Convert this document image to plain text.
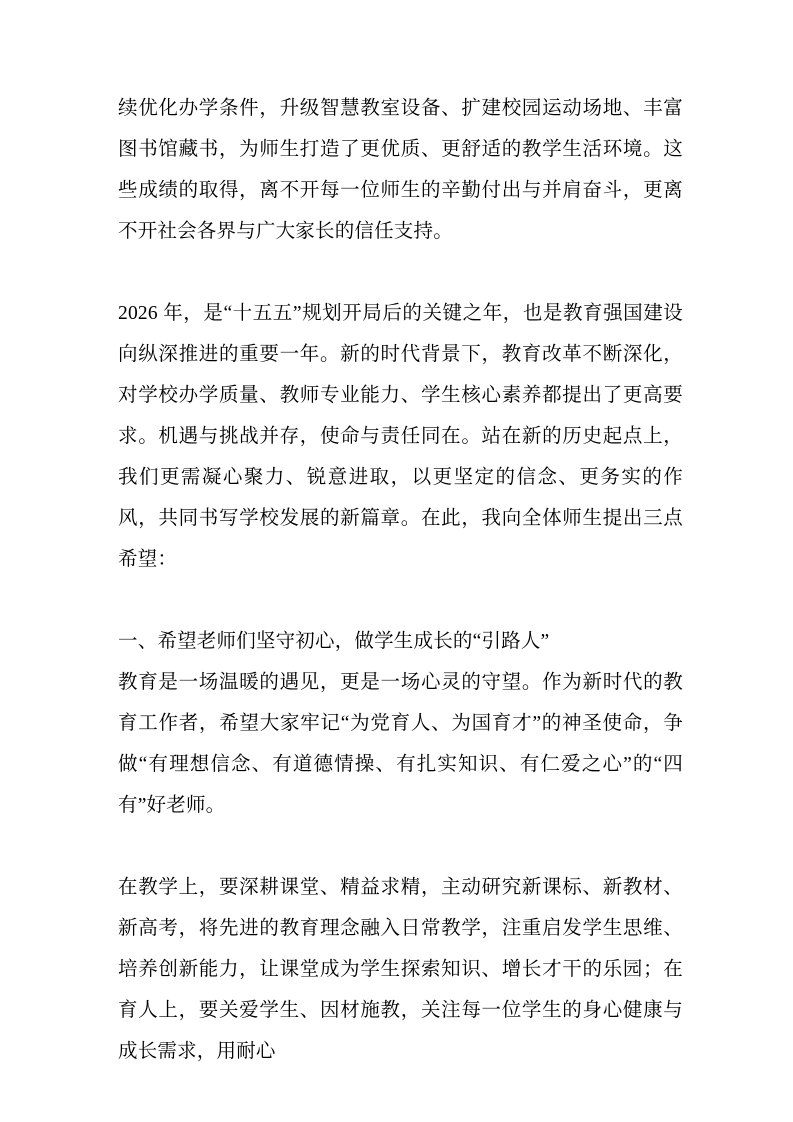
续优化办学条件，升级智慧教室设备、扩建校园运动场地、丰富图书馆藏书，为师生打造了更优质、更舒适的教学生活环境。这些成绩的取得，离不开每一位师生的辛勤付出与并肩奋斗，更离不开社会各界与广大家长的信任支持。

2026 年，是“十五五”规划开局后的关键之年，也是教育强国建设向纵深推进的重要一年。新的时代背景下，教育改革不断深化，对学校办学质量、教师专业能力、学生核心素养都提出了更高要求。机遇与挑战并存，使命与责任同在。站在新的历史起点上，我们更需凝心聚力、锐意进取，以更坚定的信念、更务实的作风，共同书写学校发展的新篇章。在此，我向全体师生提出三点希望：

一、希望老师们坚守初心，做学生成长的“引路人”

教育是一场温暖的遇见，更是一场心灵的守望。作为新时代的教育工作者，希望大家牢记“为党育人、为国育才”的神圣使命，争做“有理想信念、有道德情操、有扎实知识、有仁爱之心”的“四有”好老师。

在教学上，要深耕课堂、精益求精，主动研究新课标、新教材、新高考，将先进的教育理念融入日常教学，注重启发学生思维、培养创新能力，让课堂成为学生探索知识、增长才干的乐园；在育人上，要关爱学生、因材施教，关注每一位学生的身心健康与成长需求，用耐心
